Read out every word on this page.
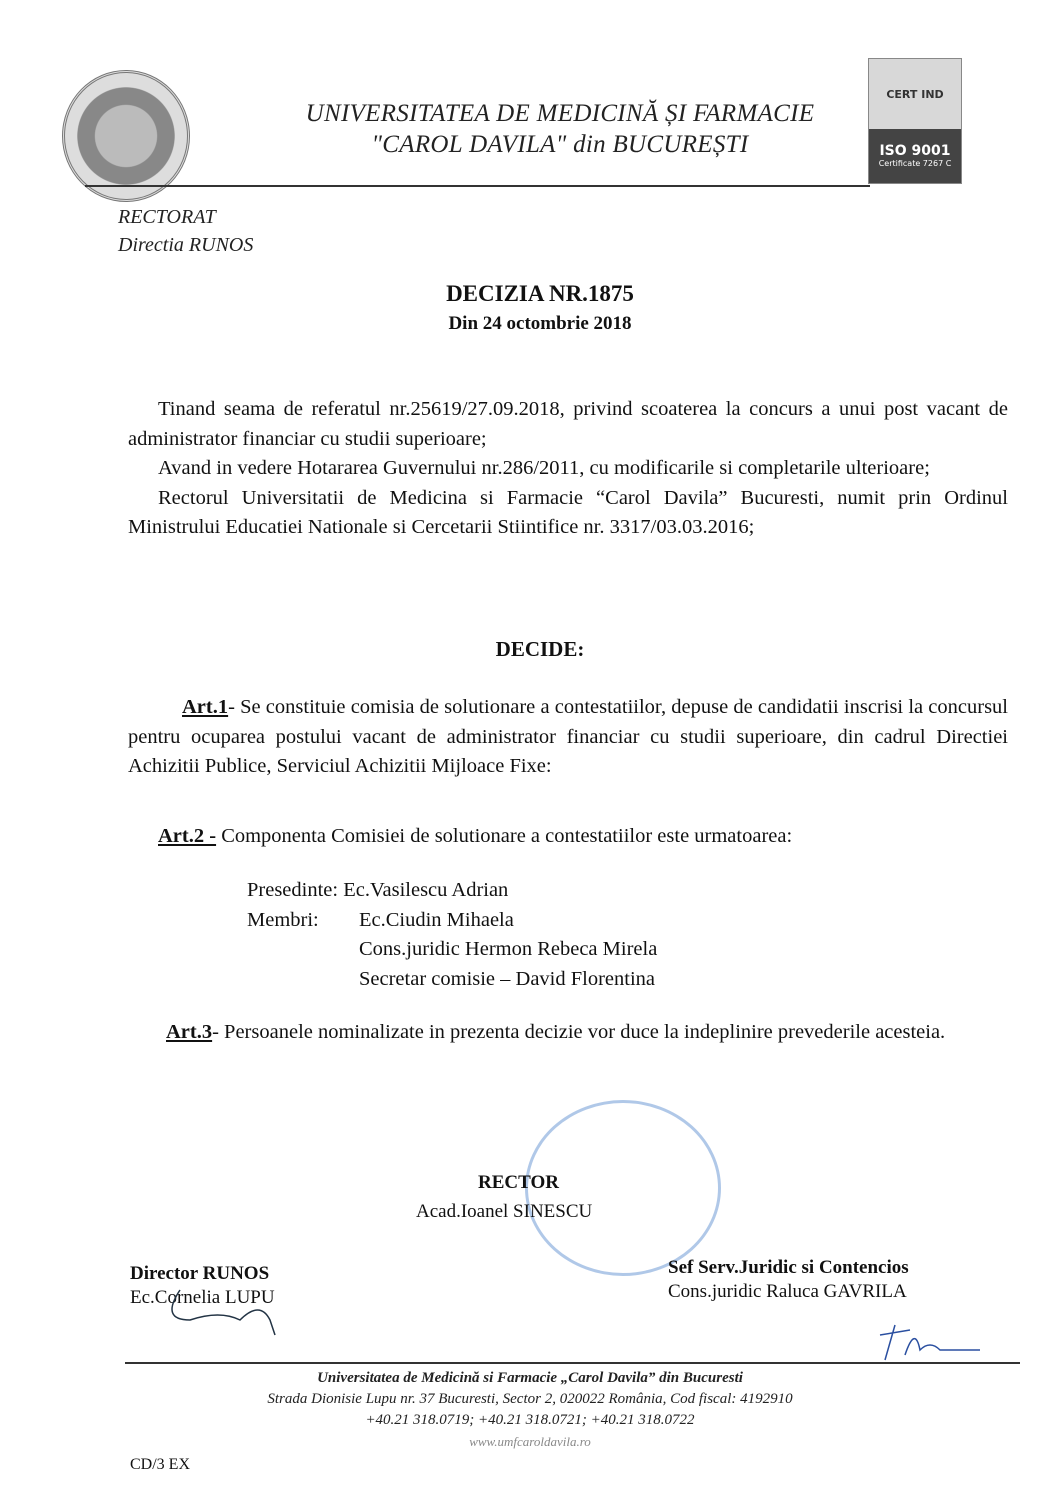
UNIVERSITATEA DE MEDICINĂ ȘI FARMACIE
"CAROL DAVILA" din BUCUREȘTI
CERT IND
ISO 9001
Certificate 7267 C
RECTORAT
Directia RUNOS
DECIZIA NR.1875
Din 24 octombrie 2018

Tinand seama de referatul nr.25619/27.09.2018, privind scoaterea la concurs a unui post vacant de administrator financiar cu studii superioare;

Avand in vedere Hotararea Guvernului nr.286/2011, cu modificarile si completarile ulterioare;

Rectorul Universitatii de Medicina si Farmacie “Carol Davila” Bucuresti, numit prin Ordinul Ministrului Educatiei Nationale si Cercetarii Stiintifice nr. 3317/03.03.2016;

DECIDE:

Art.1- Se constituie comisia de solutionare a contestatiilor, depuse de candidatii inscrisi la concursul pentru ocuparea postului vacant de administrator financiar cu studii superioare, din cadrul Directiei Achizitii Publice, Serviciul Achizitii Mijloace Fixe:

Art.2 - Componenta Comisiei de solutionare a contestatiilor este urmatoarea:

Presedinte: Ec.Vasilescu Adrian
Membri: Ec.Ciudin Mihaela
Cons.juridic Hermon Rebeca Mirela
Secretar comisie – David Florentina

Art.3- Persoanele nominalizate in prezenta decizie vor duce la indeplinire prevederile acesteia.

RECTOR
Acad.Ioanel SINESCU
Director RUNOS
Ec.Cornelia LUPU
Sef Serv.Juridic si Contencios
Cons.juridic Raluca GAVRILA
Universitatea de Medicină si Farmacie „Carol Davila” din Bucuresti
Strada Dionisie Lupu nr. 37 Bucuresti, Sector 2, 020022 România, Cod fiscal: 4192910
+40.21 318.0719; +40.21 318.0721; +40.21 318.0722
www.umfcaroldavila.ro
CD/3 EX
